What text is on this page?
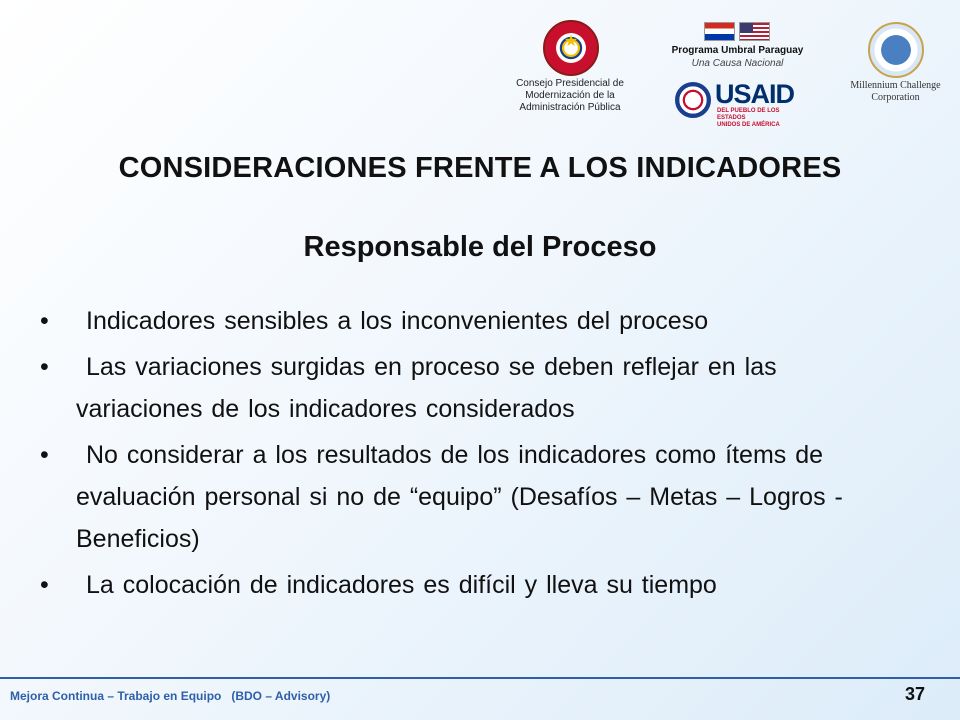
★
Consejo Presidencial de
Modernización de la
Administración Pública
Programa Umbral Paraguay
Una Causa Nacional
USAID
DEL PUEBLO DE LOS ESTADOS
UNIDOS DE AMÉRICA
Millennium Challenge
Corporation
CONSIDERACIONES FRENTE A LOS INDICADORES
Responsable del Proceso
•	Indicadores sensibles a los inconvenientes del proceso
•	Las variaciones surgidas en proceso se deben reflejar en las variaciones de los indicadores considerados
•	No considerar a los resultados de los indicadores como ítems de evaluación personal si no de “equipo” (Desafíos – Metas – Logros - Beneficios)
•	La colocación de indicadores es difícil y lleva su tiempo
Mejora Continua – Trabajo en Equipo   (BDO – Advisory)	37
